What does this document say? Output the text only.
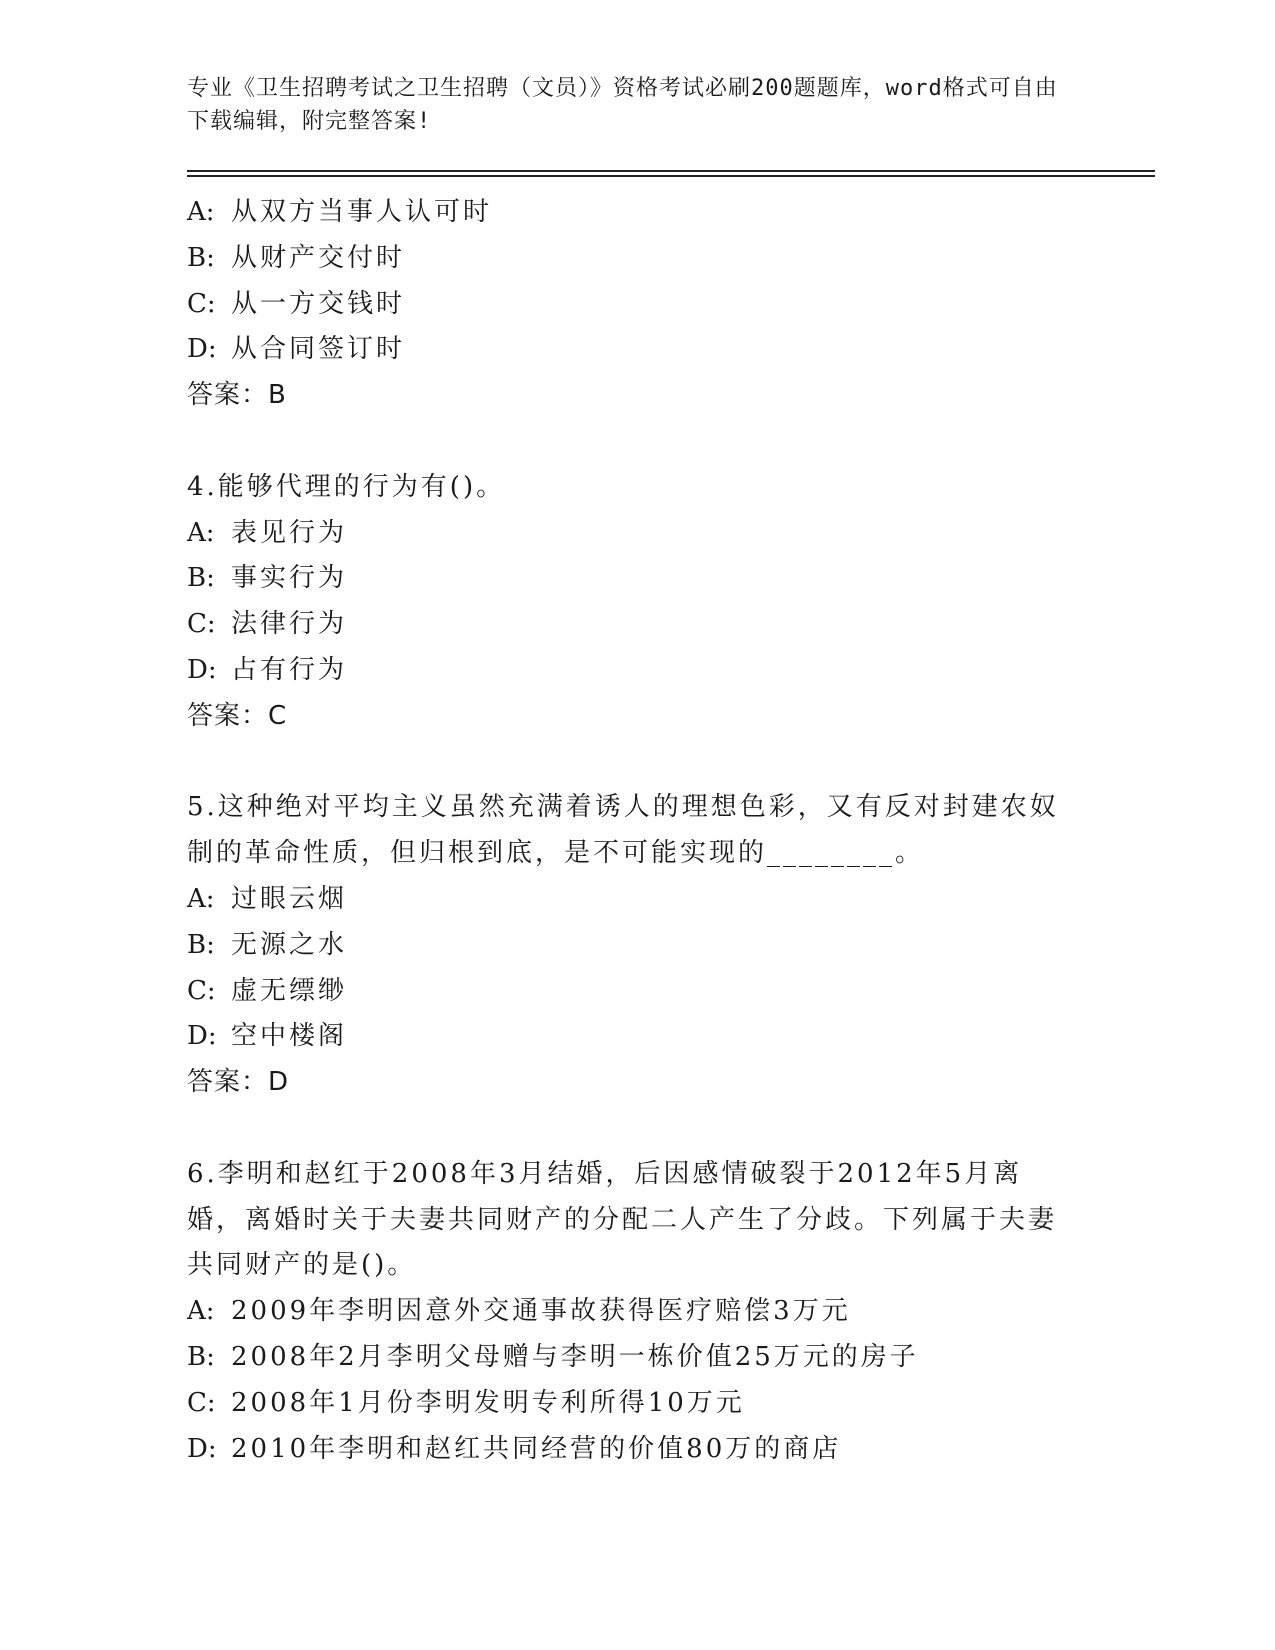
专业《卫生招聘考试之卫生招聘（文员）》资格考试必刷200题题库，word格式可自由下载编辑，附完整答案!
A: 从双方当事人认可时
B: 从财产交付时
C: 从一方交钱时
D: 从合同签订时
答案：B
4.能够代理的行为有()。
A: 表见行为
B: 事实行为
C: 法律行为
D: 占有行为
答案：C
5.这种绝对平均主义虽然充满着诱人的理想色彩，又有反对封建农奴制的革命性质，但归根到底，是不可能实现的________。
A: 过眼云烟
B: 无源之水
C: 虚无缥缈
D: 空中楼阁
答案：D
6.李明和赵红于2008年3月结婚，后因感情破裂于2012年5月离婚，离婚时关于夫妻共同财产的分配二人产生了分歧。下列属于夫妻共同财产的是()。
A: 2009年李明因意外交通事故获得医疗赔偿3万元
B: 2008年2月李明父母赠与李明一栋价值25万元的房子
C: 2008年1月份李明发明专利所得10万元
D: 2010年李明和赵红共同经营的价值80万的商店
